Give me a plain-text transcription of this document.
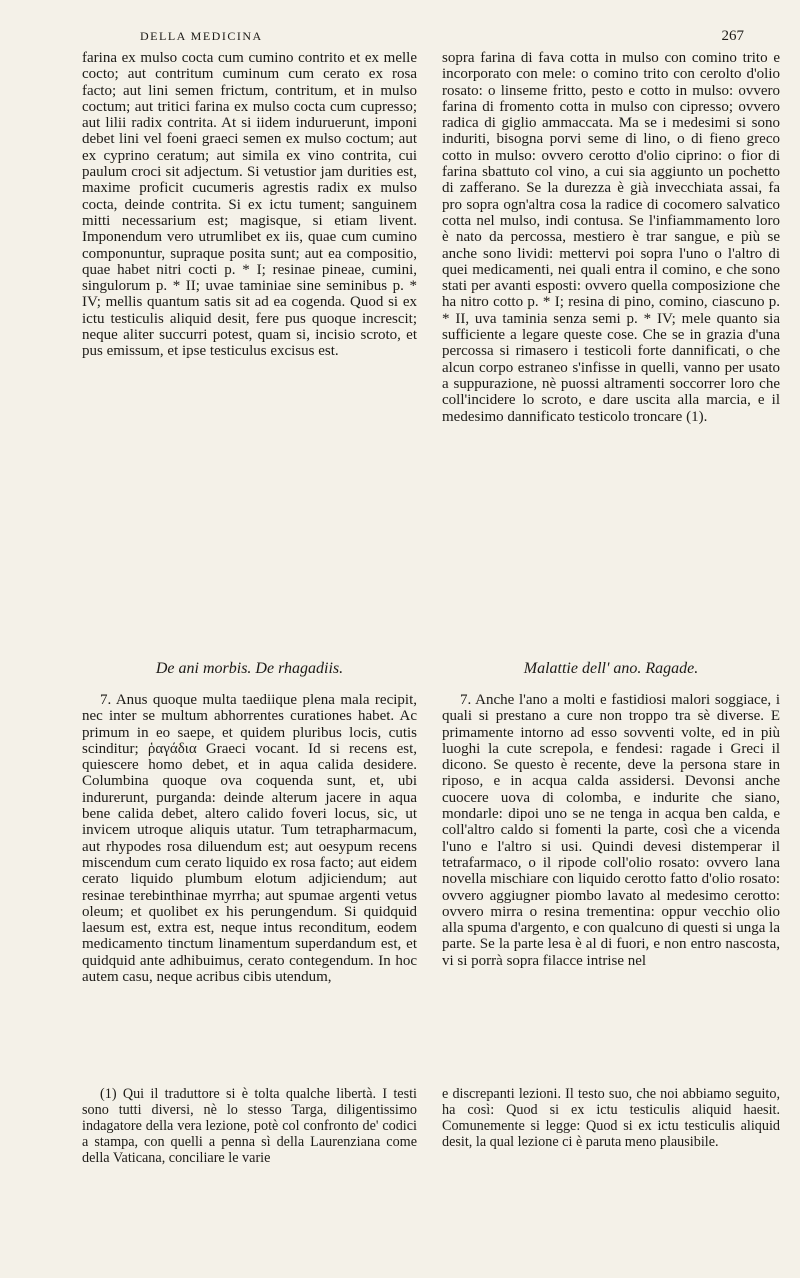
DELLA MEDICINA	267

farina ex mulso cocta cum cumino contrito et ex melle cocto; aut contritum cuminum cum cerato ex rosa facto; aut lini semen frictum, contritum, et in mulso coctum; aut tritici farina ex mulso cocta cum cupresso; aut lilii radix contrita. At si iidem induruerunt, imponi debet lini vel foeni graeci semen ex mulso coctum; aut ex cyprino ceratum; aut simila ex vino contrita, cui paulum croci sit adjectum. Si vetustior jam durities est, maxime proficit cucumeris agrestis radix ex mulso cocta, deinde contrita. Si ex ictu tument; sanguinem mitti necessarium est; magisque, si etiam livent. Imponendum vero utrumlibet ex iis, quae cum cumino componuntur, supraque posita sunt; aut ea compositio, quae habet nitri cocti p. * I; resinae pineae, cumini, singulorum p. * II; uvae taminiae sine seminibus p. * IV; mellis quantum satis sit ad ea cogenda. Quod si ex ictu testiculis aliquid desit, fere pus quoque increscit; neque aliter succurri potest, quam si, incisio scroto, et pus emissum, et ipse testiculus excisus est.

sopra farina di fava cotta in mulso con comino trito e incorporato con mele: o comino trito con cerolto d'olio rosato: o linseme fritto, pesto e cotto in mulso: ovvero farina di fromento cotta in mulso con cipresso; ovvero radica di giglio ammaccata. Ma se i medesimi si sono induriti, bisogna porvi seme di lino, o di fieno greco cotto in mulso: ovvero cerotto d'olio ciprino: o fior di farina sbattuto col vino, a cui sia aggiunto un pochetto di zafferano. Se la durezza è già invecchiata assai, fa pro sopra ogn'altra cosa la radice di cocomero salvatico cotta nel mulso, indi contusa. Se l'infiammamento loro è nato da percossa, mestiero è trar sangue, e più se anche sono lividi: mettervi poi sopra l'uno o l'altro di quei medicamenti, nei quali entra il comino, e che sono stati per avanti esposti: ovvero quella composizione che ha nitro cotto p. * I; resina di pino, comino, ciascuno p. * II, uva taminia senza semi p. * IV; mele quanto sia sufficiente a legare queste cose. Che se in grazia d'una percossa si rimasero i testicoli forte dannificati, o che alcun corpo estraneo s'infisse in quelli, vanno per usato a suppurazione, nè puossi altramenti soccorrer loro che coll'incidere lo scroto, e dare uscita alla marcia, e il medesimo dannificato testicolo troncare (1).

De ani morbis. De rhagadiis.	Malattie dell' ano. Ragade.

7. Anus quoque multa taediique plena mala recipit, nec inter se multum abhorrentes curationes habet. Ac primum in eo saepe, et quidem pluribus locis, cutis scinditur; ῥαγάδια Graeci vocant. Id si recens est, quiescere homo debet, et in aqua calida desidere. Columbina quoque ova coquenda sunt, et, ubi indurerunt, purganda: deinde alterum jacere in aqua bene calida debet, altero calido foveri locus, sic, ut invicem utroque aliquis utatur. Tum tetrapharmacum, aut rhypodes rosa diluendum est; aut oesypum recens miscendum cum cerato liquido ex rosa facto; aut eidem cerato liquido plumbum elotum adjiciendum; aut resinae terebinthinae myrrha; aut spumae argenti vetus oleum; et quolibet ex his perungendum. Si quidquid laesum est, extra est, neque intus reconditum, eodem medicamento tinctum linamentum superdandum est, et quidquid ante adhibuimus, cerato contegendum. In hoc autem casu, neque acribus cibis utendum,

7. Anche l'ano a molti e fastidiosi malori soggiace, i quali si prestano a cure non troppo tra sè diverse. E primamente intorno ad esso sovventi volte, ed in più luoghi la cute screpola, e fendesi: ragade i Greci il dicono. Se questo è recente, deve la persona stare in riposo, e in acqua calda assidersi. Devonsi anche cuocere uova di colomba, e indurite che siano, mondarle: dipoi uno se ne tenga in acqua ben calda, e coll'altro caldo si fomenti la parte, così che a vicenda l'uno e l'altro si usi. Quindi devesi distemperar il tetrafarmaco, o il ripode coll'olio rosato: ovvero lana novella mischiare con liquido cerotto fatto d'olio rosato: ovvero aggiugner piombo lavato al medesimo cerotto: ovvero mirra o resina trementina: oppur vecchio olio alla spuma d'argento, e con qualcuno di questi si unga la parte. Se la parte lesa è al di fuori, e non entro nascosta, vi si porrà sopra filacce intrise nel

(1) Qui il traduttore si è tolta qualche libertà. I testi sono tutti diversi, nè lo stesso Targa, diligentissimo indagatore della vera lezione, potè col confronto de' codici a stampa, con quelli a penna sì della Laurenziana come della Vaticana, conciliare le varie

e discrepanti lezioni. Il testo suo, che noi abbiamo seguito, ha così: Quod si ex ictu testiculis aliquid haesit. Comunemente si legge: Quod si ex ictu testiculis aliquid desit, la qual lezione ci è paruta meno plausibile.
